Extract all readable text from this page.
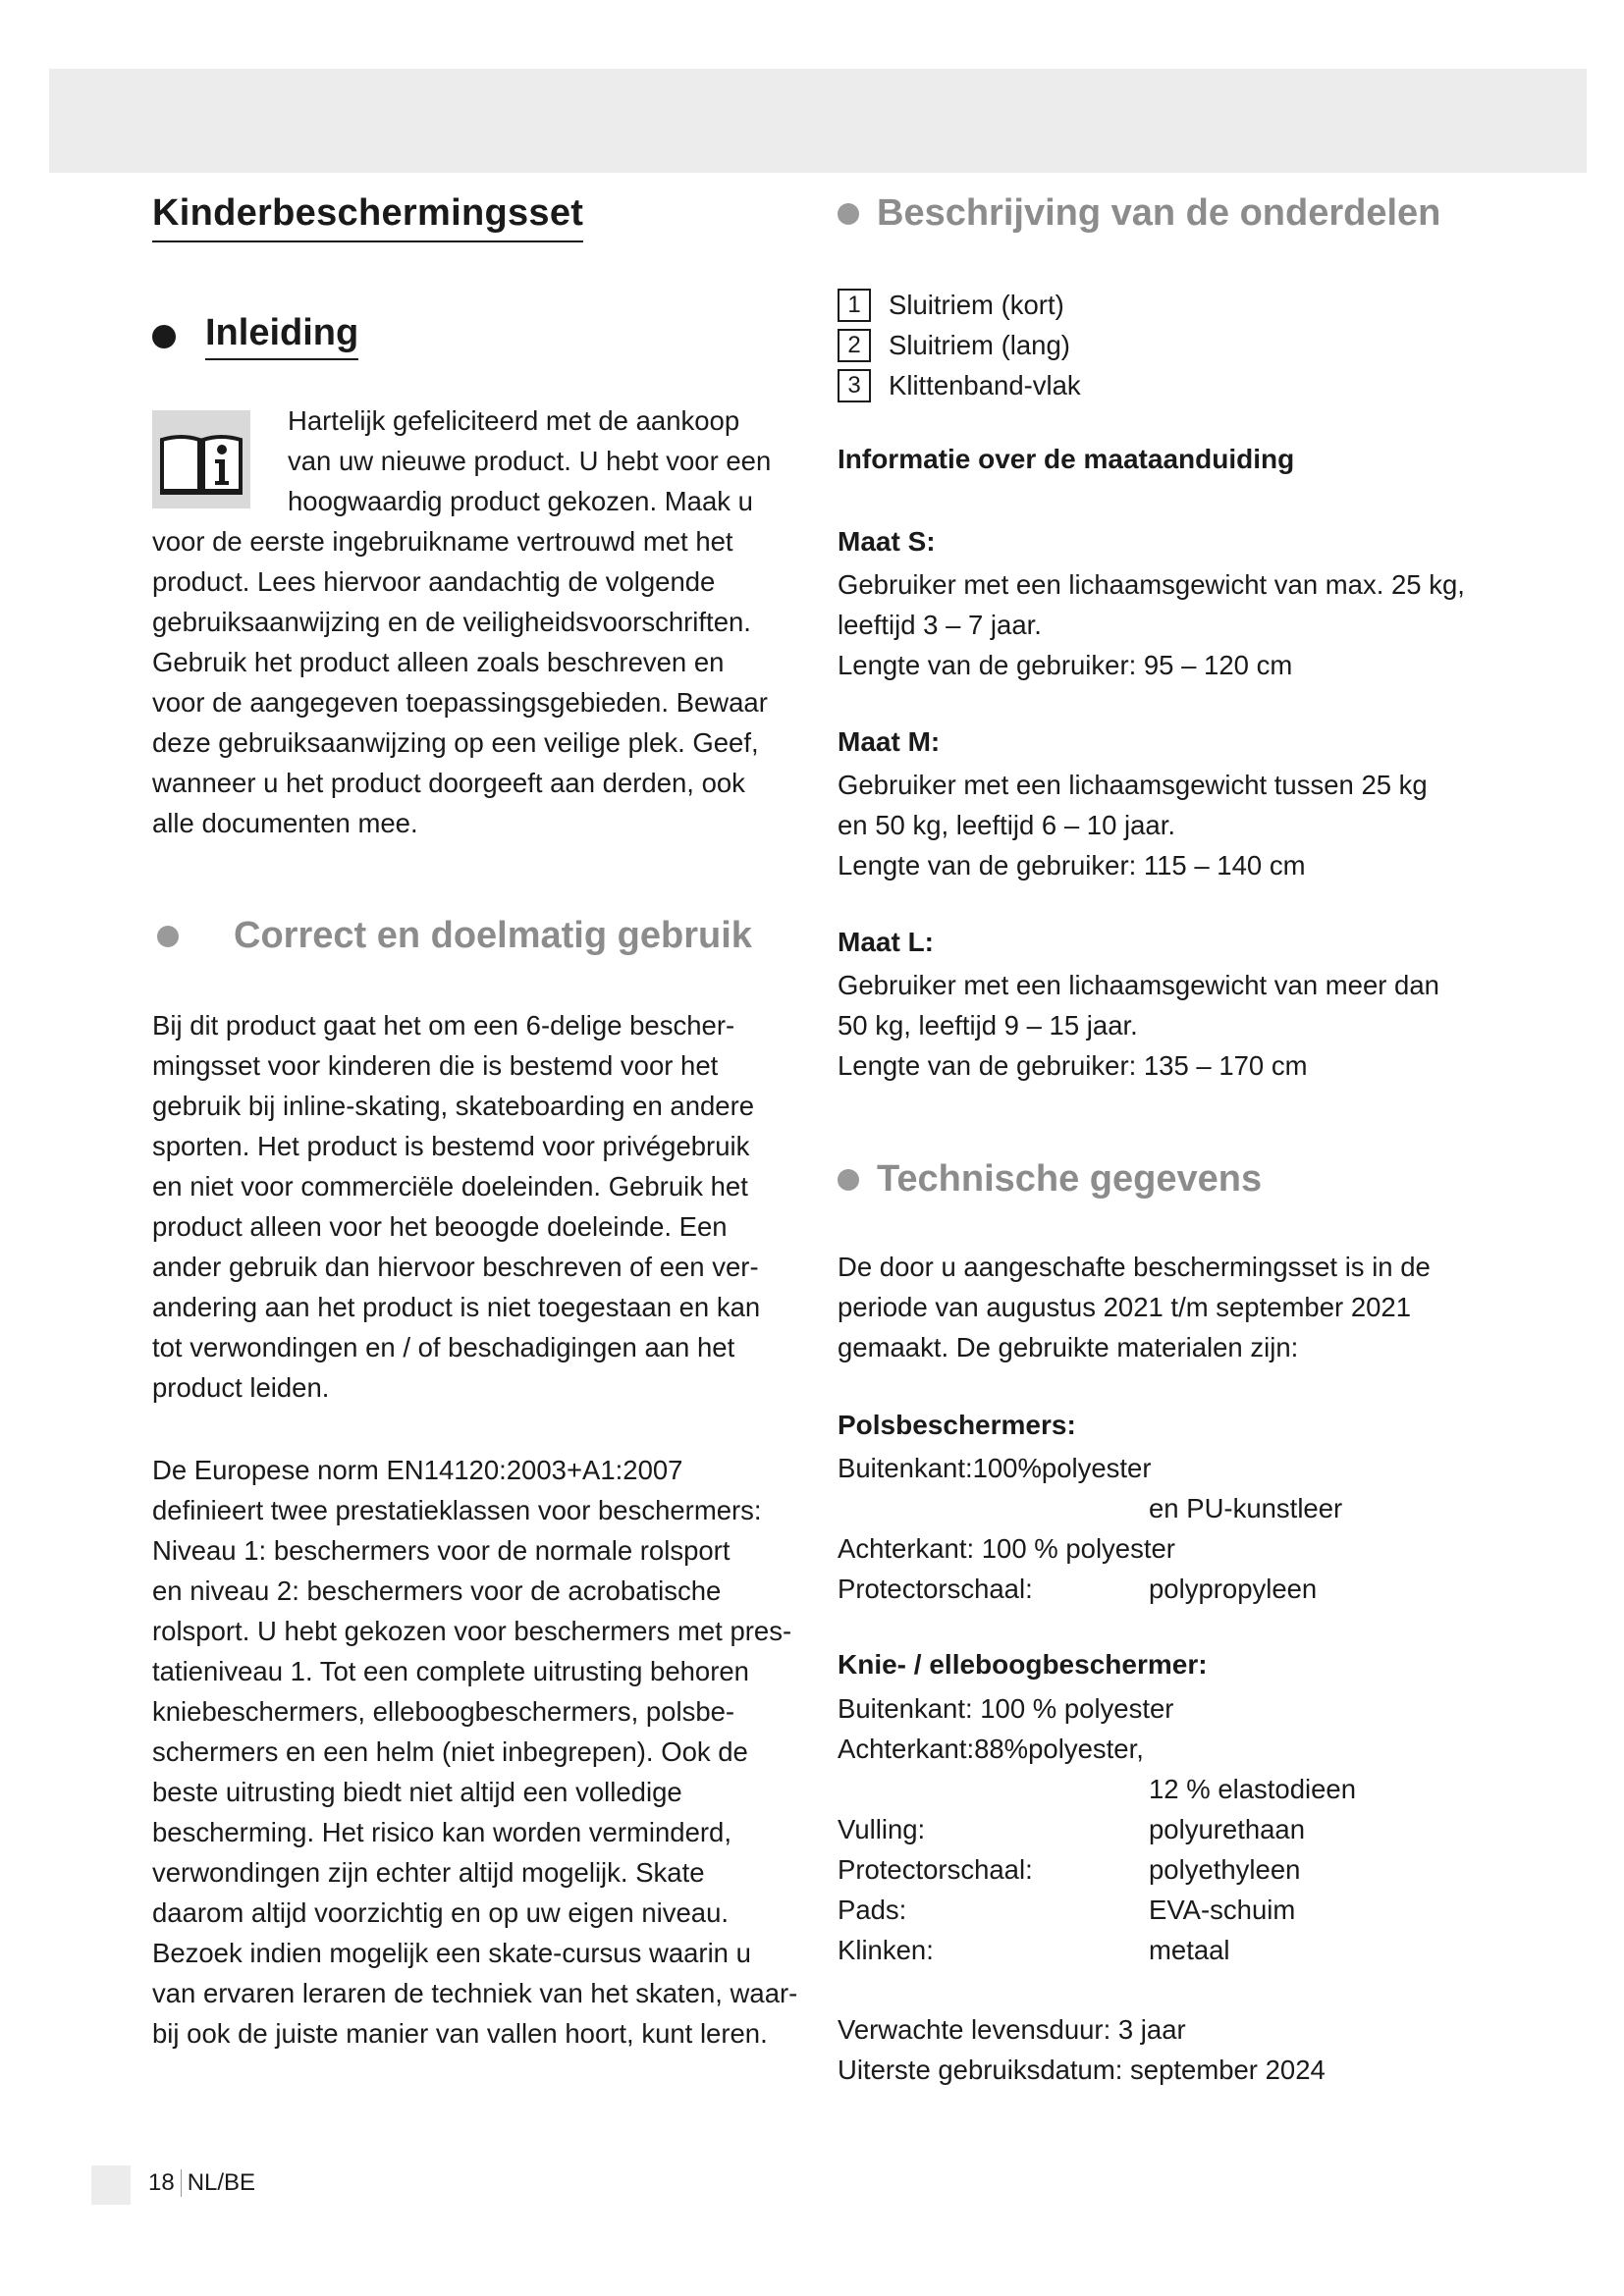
Kinderbeschermingsset
Inleiding
Hartelijk gefeliciteerd met de aankoop
van uw nieuwe product. U hebt voor een
hoogwaardig product gekozen. Maak u
voor de eerste ingebruikname vertrouwd met het
product. Lees hiervoor aandachtig de volgende
gebruiksaanwijzing en de veiligheidsvoorschriften.
Gebruik het product alleen zoals beschreven en
voor de aangegeven toepassingsgebieden. Bewaar
deze gebruiksaanwijzing op een veilige plek. Geef,
wanneer u het product doorgeeft aan derden, ook
alle documenten mee.
Correct en doelmatig gebruik
Bij dit product gaat het om een 6-delige bescher-
mingsset voor kinderen die is bestemd voor het
gebruik bij inline-skating, skateboarding en andere
sporten. Het product is bestemd voor privégebruik
en niet voor commerciële doeleinden. Gebruik het
product alleen voor het beoogde doeleinde. Een
ander gebruik dan hiervoor beschreven of een ver-
andering aan het product is niet toegestaan en kan
tot verwondingen en / of beschadigingen aan het
product leiden.
De Europese norm EN14120:2003+A1:2007
definieert twee prestatieklassen voor beschermers:
Niveau 1: beschermers voor de normale rolsport
en niveau 2: beschermers voor de acrobatische
rolsport. U hebt gekozen voor beschermers met pres-
tatieniveau 1. Tot een complete uitrusting behoren
kniebeschermers, elleboogbeschermers, polsbe-
schermers en een helm (niet inbegrepen). Ook de
beste uitrusting biedt niet altijd een volledige
bescherming. Het risico kan worden verminderd,
verwondingen zijn echter altijd mogelijk. Skate
daarom altijd voorzichtig en op uw eigen niveau.
Bezoek indien mogelijk een skate-cursus waarin u
van ervaren leraren de techniek van het skaten, waar-
bij ook de juiste manier van vallen hoort, kunt leren.
Beschrijving van de onderdelen
1	Sluitriem (kort)
2	Sluitriem (lang)
3	Klittenband-vlak
Informatie over de maataanduiding
Maat S:
Gebruiker met een lichaamsgewicht van max. 25 kg,
leeftijd 3 – 7 jaar.
Lengte van de gebruiker: 95 – 120 cm
Maat M:
Gebruiker met een lichaamsgewicht tussen 25 kg
en 50 kg, leeftijd 6 – 10 jaar.
Lengte van de gebruiker: 115 – 140 cm
Maat L:
Gebruiker met een lichaamsgewicht van meer dan
50 kg, leeftijd 9 – 15 jaar.
Lengte van de gebruiker: 135 – 170 cm
Technische gegevens
De door u aangeschafte beschermingsset is in de
periode van augustus 2021 t/m september 2021
gemaakt. De gebruikte materialen zijn:
Polsbeschermers:
Buitenkant:100%polyester
en PU-kunstleer
Achterkant: 100 % polyester
Protectorschaal:	polypropyleen
Knie- / elleboogbeschermer:
Buitenkant: 100 % polyester
Achterkant:88%polyester,
12 % elastodieen
Vulling:	polyurethaan
Protectorschaal:	polyethyleen
Pads:	EVA-schuim
Klinken:	metaal
Verwachte levensduur: 3 jaar
Uiterste gebruiksdatum: september 2024
18 NL/BE
